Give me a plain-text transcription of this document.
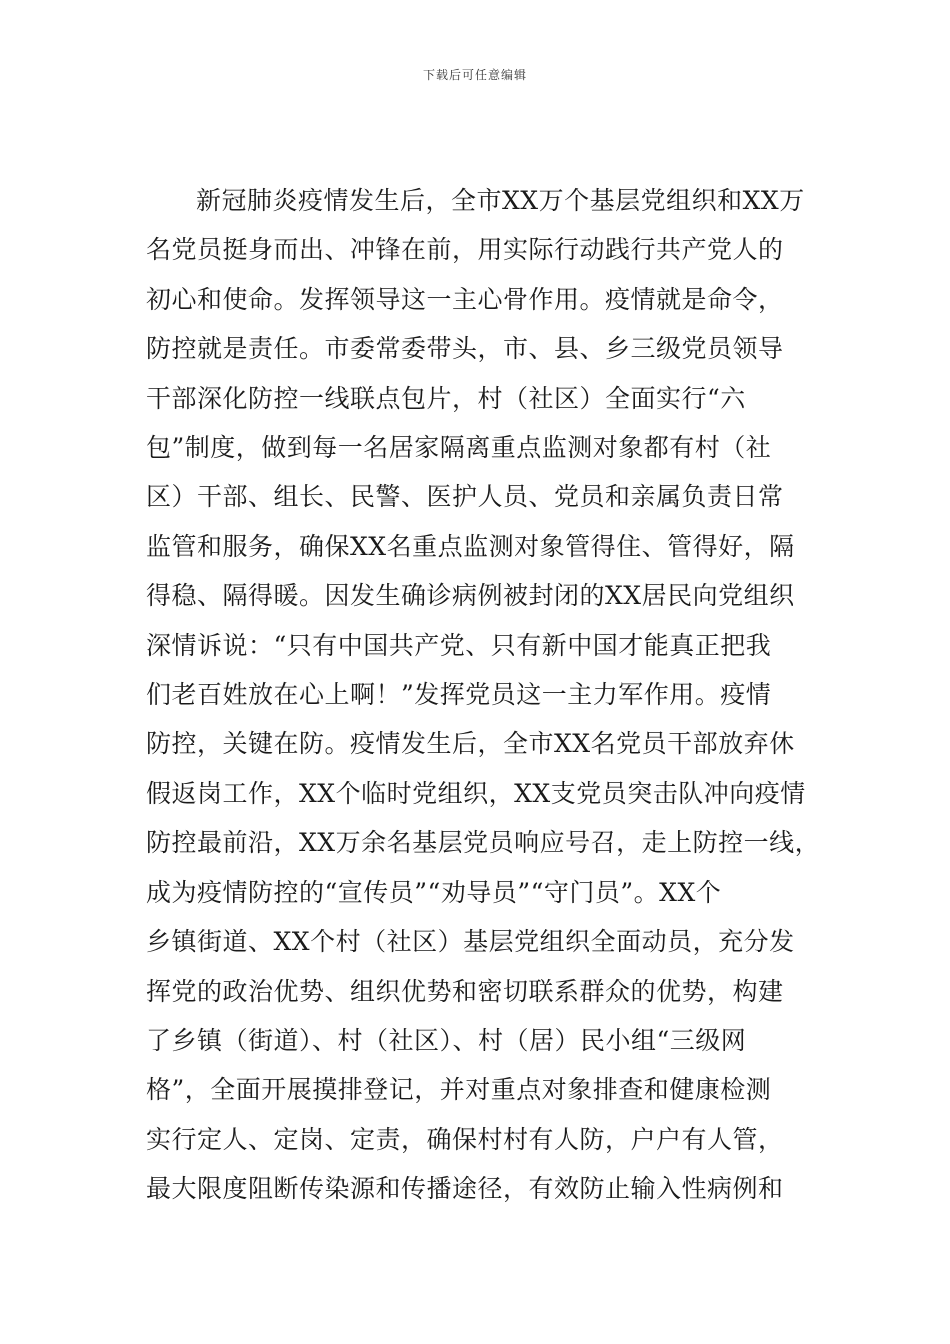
下载后可任意编辑
新冠肺炎疫情发生后，全市XX万个基层党组织和XX万
名党员挺身而出、冲锋在前，用实际行动践行共产党人的
初心和使命。发挥领导这一主心骨作用。疫情就是命令，
防控就是责任。市委常委带头，市、县、乡三级党员领导
干部深化防控一线联点包片，村（社区）全面实行“六
包”制度，做到每一名居家隔离重点监测对象都有村（社
区）干部、组长、民警、医护人员、党员和亲属负责日常
监管和服务，确保XX名重点监测对象管得住、管得好，隔
得稳、隔得暖。因发生确诊病例被封闭的XX居民向党组织
深情诉说：“只有中国共产党、只有新中国才能真正把我
们老百姓放在心上啊！”发挥党员这一主力军作用。疫情
防控，关键在防。疫情发生后，全市XX名党员干部放弃休
假返岗工作，XX个临时党组织，XX支党员突击队冲向疫情
防控最前沿，XX万余名基层党员响应号召，走上防控一线，
成为疫情防控的“宣传员”“劝导员”“守门员”。XX个
乡镇街道、XX个村（社区）基层党组织全面动员，充分发
挥党的政治优势、组织优势和密切联系群众的优势，构建
了乡镇（街道）、村（社区）、村（居）民小组“三级网
格”，全面开展摸排登记，并对重点对象排查和健康检测
实行定人、定岗、定责，确保村村有人防，户户有人管，
最大限度阻断传染源和传播途径，有效防止输入性病例和
